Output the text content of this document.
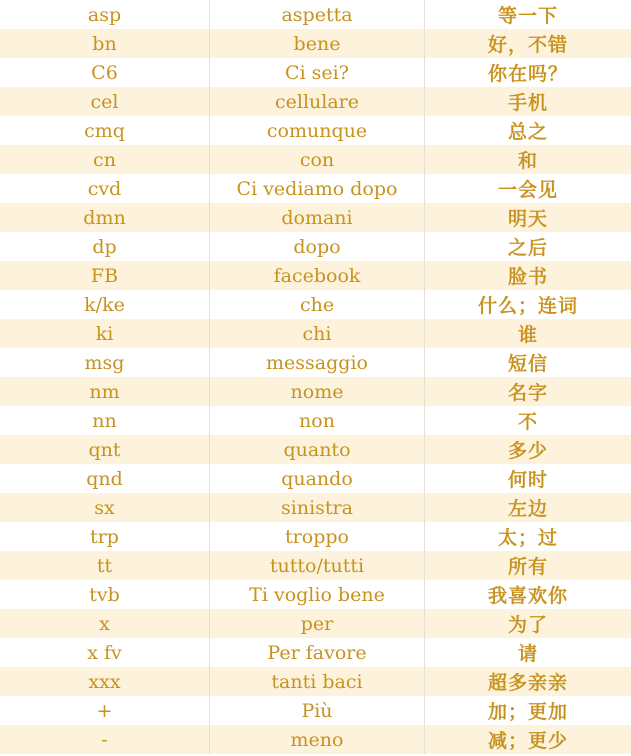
asp	aspetta	等一下
bn	bene	好，不错
C6	Ci sei?	你在吗？
cel	cellulare	手机
cmq	comunque	总之
cn	con	和
cvd	Ci vediamo dopo	一会见
dmn	domani	明天
dp	dopo	之后
FB	facebook	脸书
k/ke	che	什么；连词
ki	chi	谁
msg	messaggio	短信
nm	nome	名字
nn	non	不
qnt	quanto	多少
qnd	quando	何时
sx	sinistra	左边
trp	troppo	太；过
tt	tutto/tutti	所有
tvb	Ti voglio bene	我喜欢你
x	per	为了
x fv	Per favore	请
xxx	tanti baci	超多亲亲
+	Più	加；更加
-	meno	减；更少
